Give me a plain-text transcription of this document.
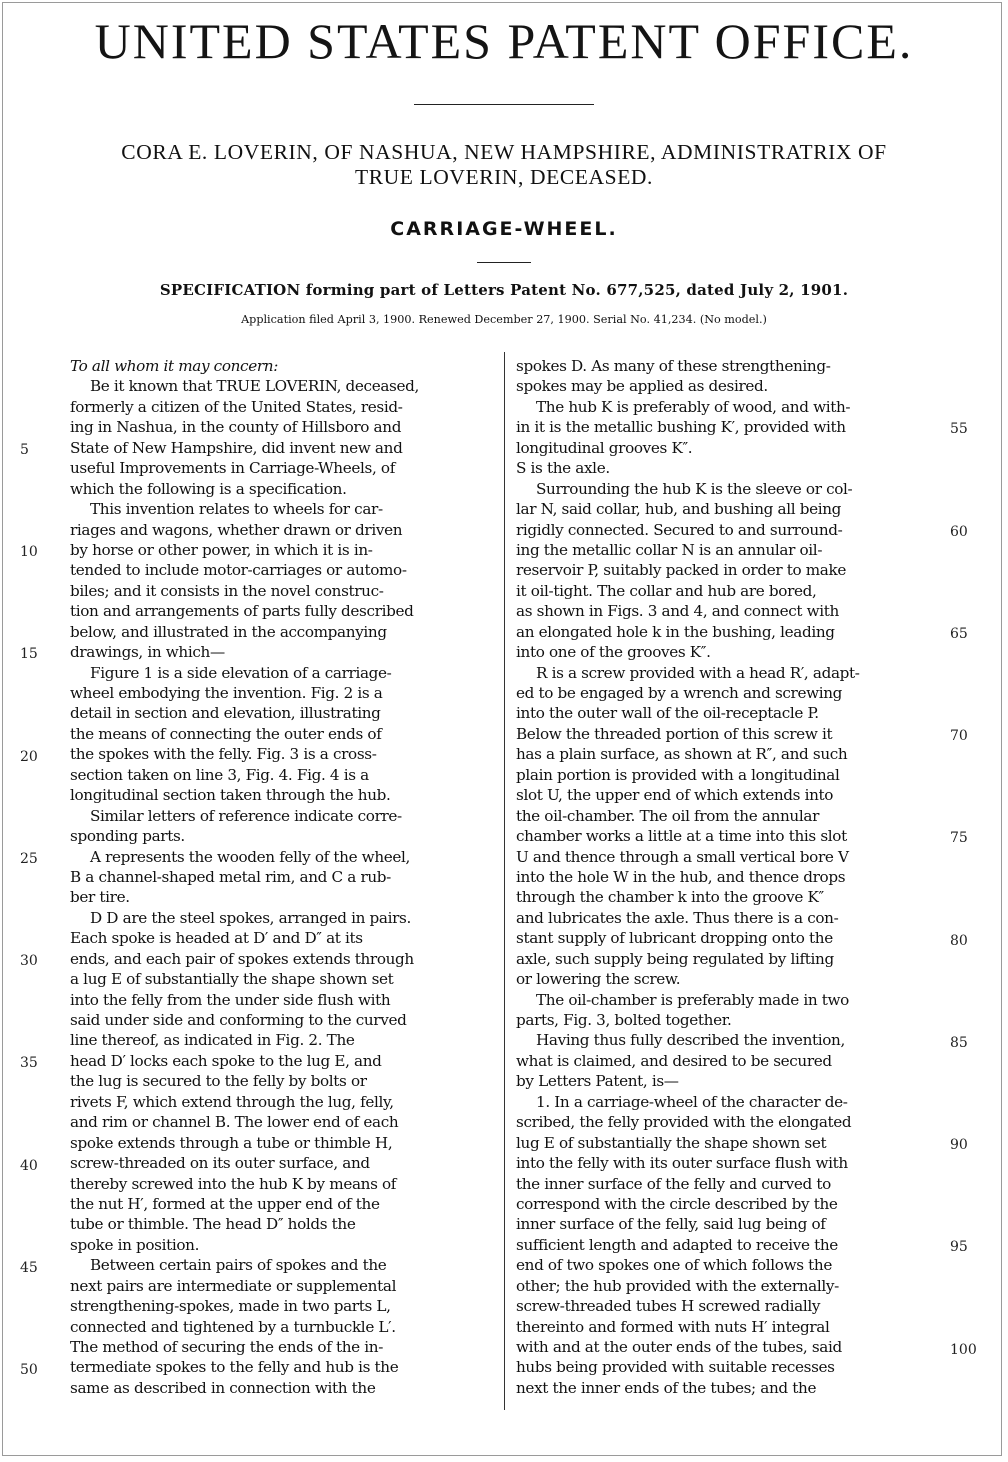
UNITED STATES PATENT OFFICE.

CORA E. LOVERIN, OF NASHUA, NEW HAMPSHIRE, ADMINISTRATRIX OF
TRUE LOVERIN, DECEASED.

CARRIAGE-WHEEL.

SPECIFICATION forming part of Letters Patent No. 677,525, dated July 2, 1901.

Application filed April 3, 1900. Renewed December 27, 1900. Serial No. 41,234. (No model.)

To all whom it may concern:
Be it known that TRUE LOVERIN, deceased,
formerly a citizen of the United States, resid-
ing in Nashua, in the county of Hillsboro and
State of New Hampshire, did invent new and
useful Improvements in Carriage-Wheels, of
which the following is a specification.
This invention relates to wheels for car-
riages and wagons, whether drawn or driven
by horse or other power, in which it is in-
tended to include motor-carriages or automo-
biles; and it consists in the novel construc-
tion and arrangements of parts fully described
below, and illustrated in the accompanying
drawings, in which—
Figure 1 is a side elevation of a carriage-
wheel embodying the invention. Fig. 2 is a
detail in section and elevation, illustrating
the means of connecting the outer ends of
the spokes with the felly. Fig. 3 is a cross-
section taken on line 3, Fig. 4. Fig. 4 is a
longitudinal section taken through the hub.
Similar letters of reference indicate corre-
sponding parts.
A represents the wooden felly of the wheel,
B a channel-shaped metal rim, and C a rub-
ber tire.
D D are the steel spokes, arranged in pairs.
Each spoke is headed at D′ and D″ at its
ends, and each pair of spokes extends through
a lug E of substantially the shape shown set
into the felly from the under side flush with
said under side and conforming to the curved
line thereof, as indicated in Fig. 2. The
head D′ locks each spoke to the lug E, and
the lug is secured to the felly by bolts or
rivets F, which extend through the lug, felly,
and rim or channel B. The lower end of each
spoke extends through a tube or thimble H,
screw-threaded on its outer surface, and
thereby screwed into the hub K by means of
the nut H′, formed at the upper end of the
tube or thimble. The head D″ holds the
spoke in position.
Between certain pairs of spokes and the
next pairs are intermediate or supplemental
strengthening-spokes, made in two parts L,
connected and tightened by a turnbuckle L′.
The method of securing the ends of the in-
termediate spokes to the felly and hub is the
same as described in connection with the
spokes D. As many of these strengthening-
spokes may be applied as desired.
The hub K is preferably of wood, and with-
in it is the metallic bushing K′, provided with
longitudinal grooves K″.
S is the axle.
Surrounding the hub K is the sleeve or col-
lar N, said collar, hub, and bushing all being
rigidly connected. Secured to and surround-
ing the metallic collar N is an annular oil-
reservoir P, suitably packed in order to make
it oil-tight. The collar and hub are bored,
as shown in Figs. 3 and 4, and connect with
an elongated hole k in the bushing, leading
into one of the grooves K″.
R is a screw provided with a head R′, adapt-
ed to be engaged by a wrench and screwing
into the outer wall of the oil-receptacle P.
Below the threaded portion of this screw it
has a plain surface, as shown at R″, and such
plain portion is provided with a longitudinal
slot U, the upper end of which extends into
the oil-chamber. The oil from the annular
chamber works a little at a time into this slot
U and thence through a small vertical bore V
into the hole W in the hub, and thence drops
through the chamber k into the groove K″
and lubricates the axle. Thus there is a con-
stant supply of lubricant dropping onto the
axle, such supply being regulated by lifting
or lowering the screw.
The oil-chamber is preferably made in two
parts, Fig. 3, bolted together.
Having thus fully described the invention,
what is claimed, and desired to be secured
by Letters Patent, is—
1. In a carriage-wheel of the character de-
scribed, the felly provided with the elongated
lug E of substantially the shape shown set
into the felly with its outer surface flush with
the inner surface of the felly and curved to
correspond with the circle described by the
inner surface of the felly, said lug being of
sufficient length and adapted to receive the
end of two spokes one of which follows the
other; the hub provided with the externally-
screw-threaded tubes H screwed radially
thereinto and formed with nuts H′ integral
with and at the outer ends of the tubes, said
hubs being provided with suitable recesses
next the inner ends of the tubes; and the
5
10
15
20
25
30
35
40
45
50
55
60
65
70
75
80
85
90
95
100
